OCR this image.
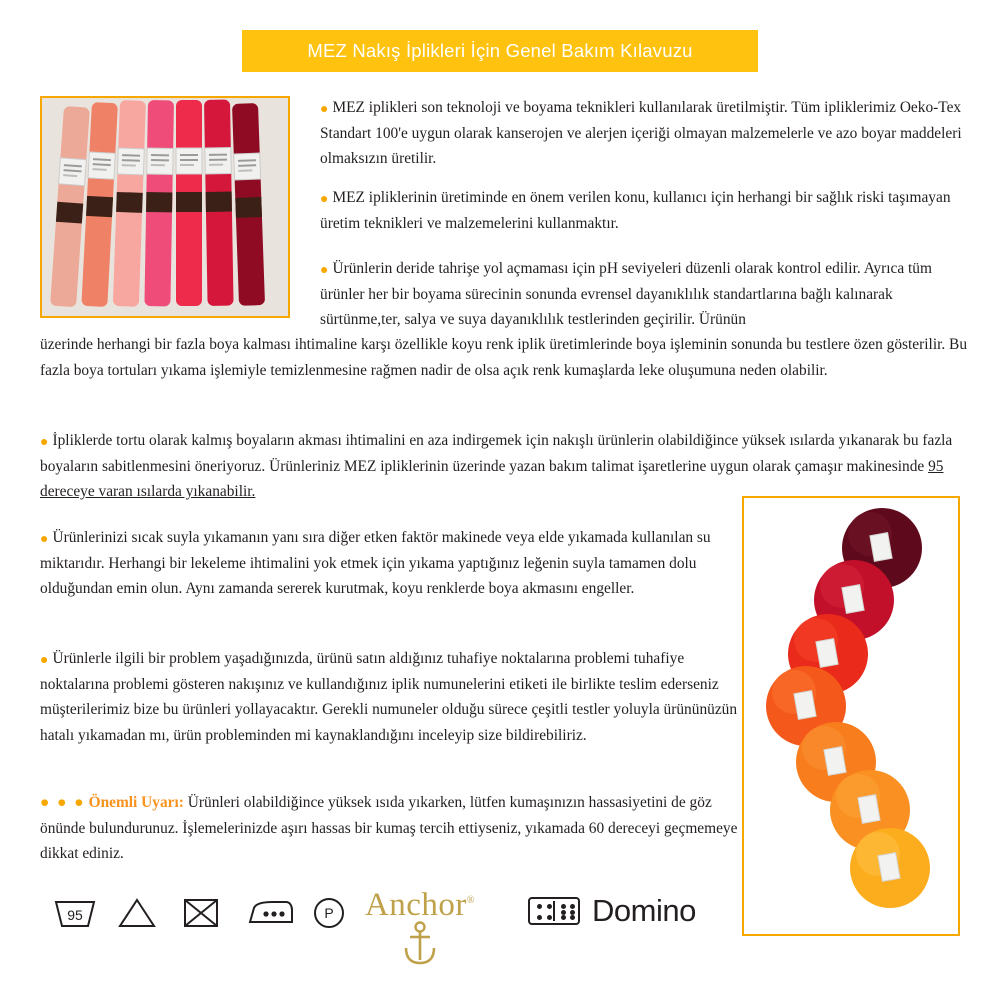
MEZ Nakış İplikleri İçin Genel Bakım Kılavuzu
● MEZ iplikleri son teknoloji ve boyama teknikleri kullanılarak üretilmiştir. Tüm ipliklerimiz Oeko-Tex Standart 100'e uygun olarak kanserojen ve alerjen içeriği olmayan malzemelerle ve azo boyar maddeleri olmaksızın üretilir.
● MEZ ipliklerinin üretiminde en önem verilen konu, kullanıcı için herhangi bir sağlık riski taşımayan üretim teknikleri ve malzemelerini kullanmaktır.
● Ürünlerin deride tahrişe yol açmaması için pH seviyeleri düzenli olarak kontrol edilir. Ayrıca tüm ürünler her bir boyama sürecinin sonunda evrensel dayanıklılık standartlarına bağlı kalınarak sürtünme,ter, salya ve suya dayanıklılık testlerinden geçirilir. Ürünün
üzerinde herhangi bir fazla boya kalması ihtimaline karşı özellikle koyu renk iplik üretimlerinde boya işleminin sonunda bu testlere özen gösterilir. Bu fazla boya tortuları yıkama işlemiyle temizlenmesine rağmen nadir de olsa açık renk kumaşlarda leke oluşumuna neden olabilir.
● İpliklerde tortu olarak kalmış boyaların akması ihtimalini en aza indirgemek için nakışlı ürünlerin olabildiğince yüksek ısılarda yıkanarak bu fazla boyaların sabitlenmesini öneriyoruz. Ürünleriniz MEZ ipliklerinin üzerinde yazan bakım talimat işaretlerine uygun olarak çamaşır makinesinde 95 dereceye varan ısılarda yıkanabilir.
● Ürünlerinizi sıcak suyla yıkamanın yanı sıra diğer etken faktör makinede veya elde yıkamada kullanılan su miktarıdır. Herhangi bir lekeleme ihtimalini yok etmek için yıkama yaptığınız leğenin suyla tamamen dolu olduğundan emin olun. Aynı zamanda sererek kurutmak, koyu renklerde boya akmasını engeller.
● Ürünlerle ilgili bir problem yaşadığınızda, ürünü satın aldığınız tuhafiye noktalarına problemi tuhafiye noktalarına problemi gösteren nakışınız ve kullandığınız iplik numunelerini etiketi ile birlikte teslim ederseniz müşterilerimiz bize bu ürünleri yollayacaktır. Gerekli numuneler olduğu sürece çeşitli testler yoluyla ürününüzün hatalı yıkamadan mı, ürün probleminden mi kaynaklandığını inceleyip size bildirebiliriz.
● ● ● Önemli Uyarı: Ürünleri olabildiğince yüksek ısıda yıkarken, lütfen kumaşınızın hassasiyetini de göz önünde bulundurunuz. İşlemelerinizde aşırı hassas bir kumaş tercih ettiyseniz, yıkamada 60 dereceyi geçmemeye dikkat ediniz.
95	P Anchor®	Domino
